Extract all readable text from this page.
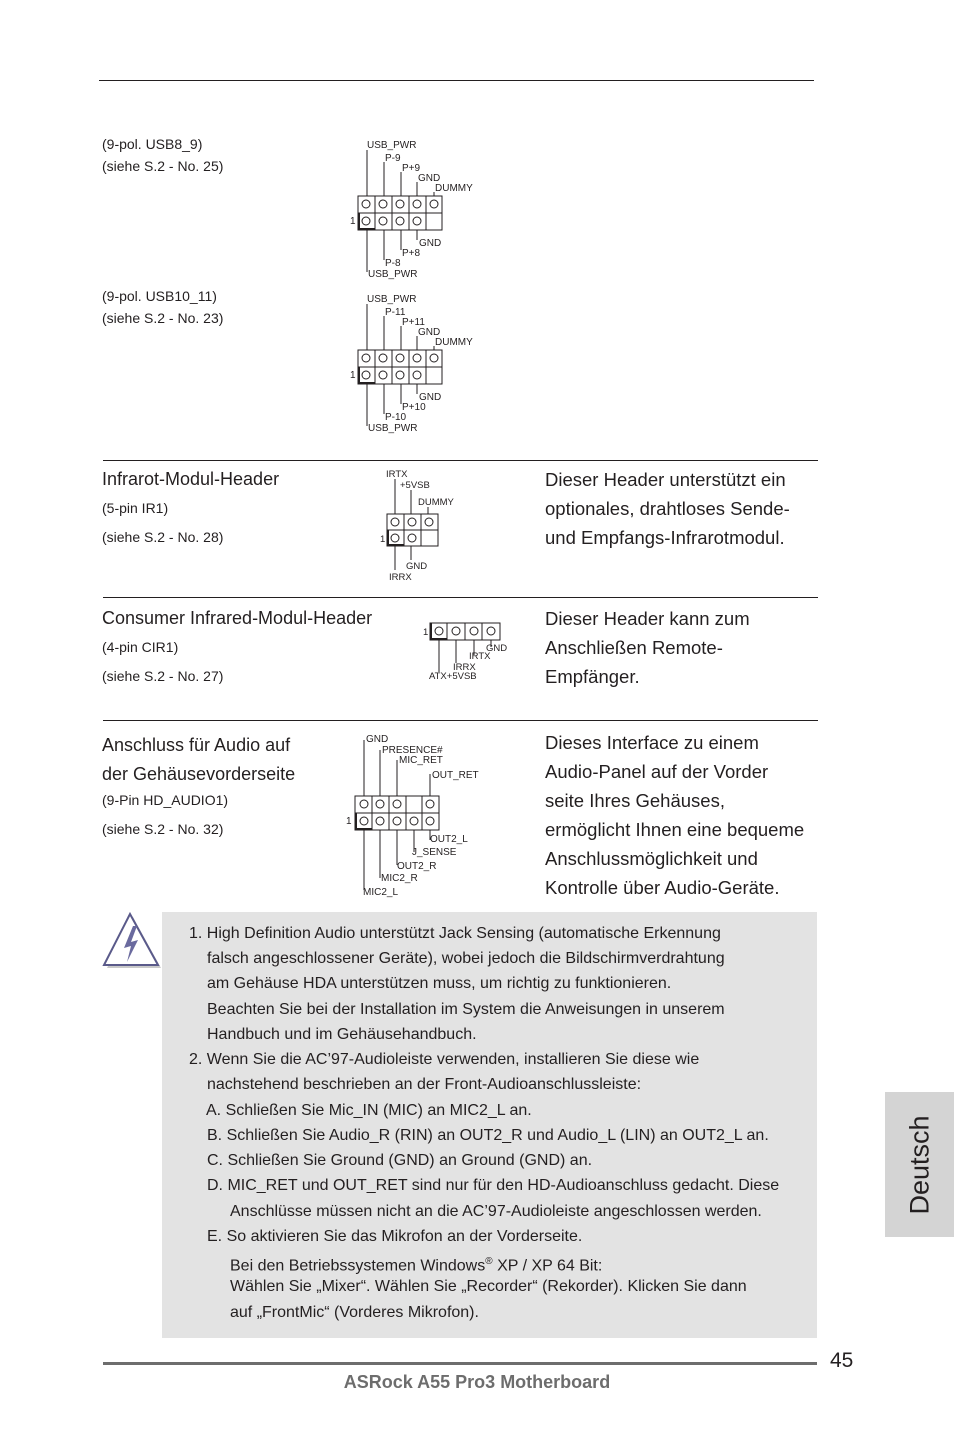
(9-pol. USB8_9)
(siehe S.2 - No. 25)
USB_PWR
P-9
P+9
GND
DUMMY
1
GND
P+8
P-8
USB_PWR
(9-pol. USB10_11)
(siehe S.2 - No. 23)
USB_PWR
P-11
P+11
GND
DUMMY
1
GND
P+10
P-10
USB_PWR
Infrarot-Modul-Header
(5-pin IR1)
(siehe S.2 - No. 28)
IRTX
+5VSB
DUMMY
1
GND
IRRX
Dieser Header unterstützt ein
optionales, drahtloses Sende-
und Empfangs-Infrarotmodul.
Consumer Infrared-Modul-Header
(4-pin CIR1)
(siehe S.2 - No. 27)
1
GND
IRTX
IRRX
ATX+5VSB
Dieser Header kann zum
Anschließen Remote-
Empfänger.
Anschluss für Audio auf
der Gehäusevorderseite
(9-Pin HD_AUDIO1)
(siehe S.2 - No. 32)
GND
PRESENCE#
MIC_RET
OUT_RET
1
OUT2_L
J_SENSE
OUT2_R
MIC2_R
MIC2_L
Dieses Interface zu einem
Audio-Panel auf der Vorder
seite Ihres Gehäuses,
ermöglicht Ihnen eine bequeme
Anschlussmöglichkeit und
Kontrolle über Audio-Geräte.

1. High Definition Audio unterstützt Jack Sensing (automatische Erkennung

falsch angeschlossener Geräte), wobei jedoch die Bildschirmverdrahtung

am Gehäuse HDA unterstützen muss, um richtig zu funktionieren.

Beachten Sie bei der Installation im System die Anweisungen in unserem

Handbuch und im Gehäusehandbuch.

2. Wenn Sie die AC’97-Audioleiste verwenden, installieren Sie diese wie

nachstehend beschrieben an der Front-Audioanschlussleiste:

A. Schließen Sie Mic_IN (MIC) an MIC2_L an.

B. Schließen Sie Audio_R (RIN) an OUT2_R und Audio_L (LIN) an OUT2_L an.

C. Schließen Sie Ground (GND) an Ground (GND) an.

D. MIC_RET und OUT_RET sind nur für den HD-Audioanschluss gedacht. Diese

Anschlüsse müssen nicht an die AC’97-Audioleiste angeschlossen werden.

E. So aktivieren Sie das Mikrofon an der Vorderseite.

Bei den Betriebssystemen Windows® XP / XP 64 Bit:

Wählen Sie „Mixer“. Wählen Sie „Recorder“ (Rekorder). Klicken Sie dann

auf „FrontMic“ (Vorderes Mikrofon).

Deutsch
45
ASRock A55 Pro3 Motherboard
